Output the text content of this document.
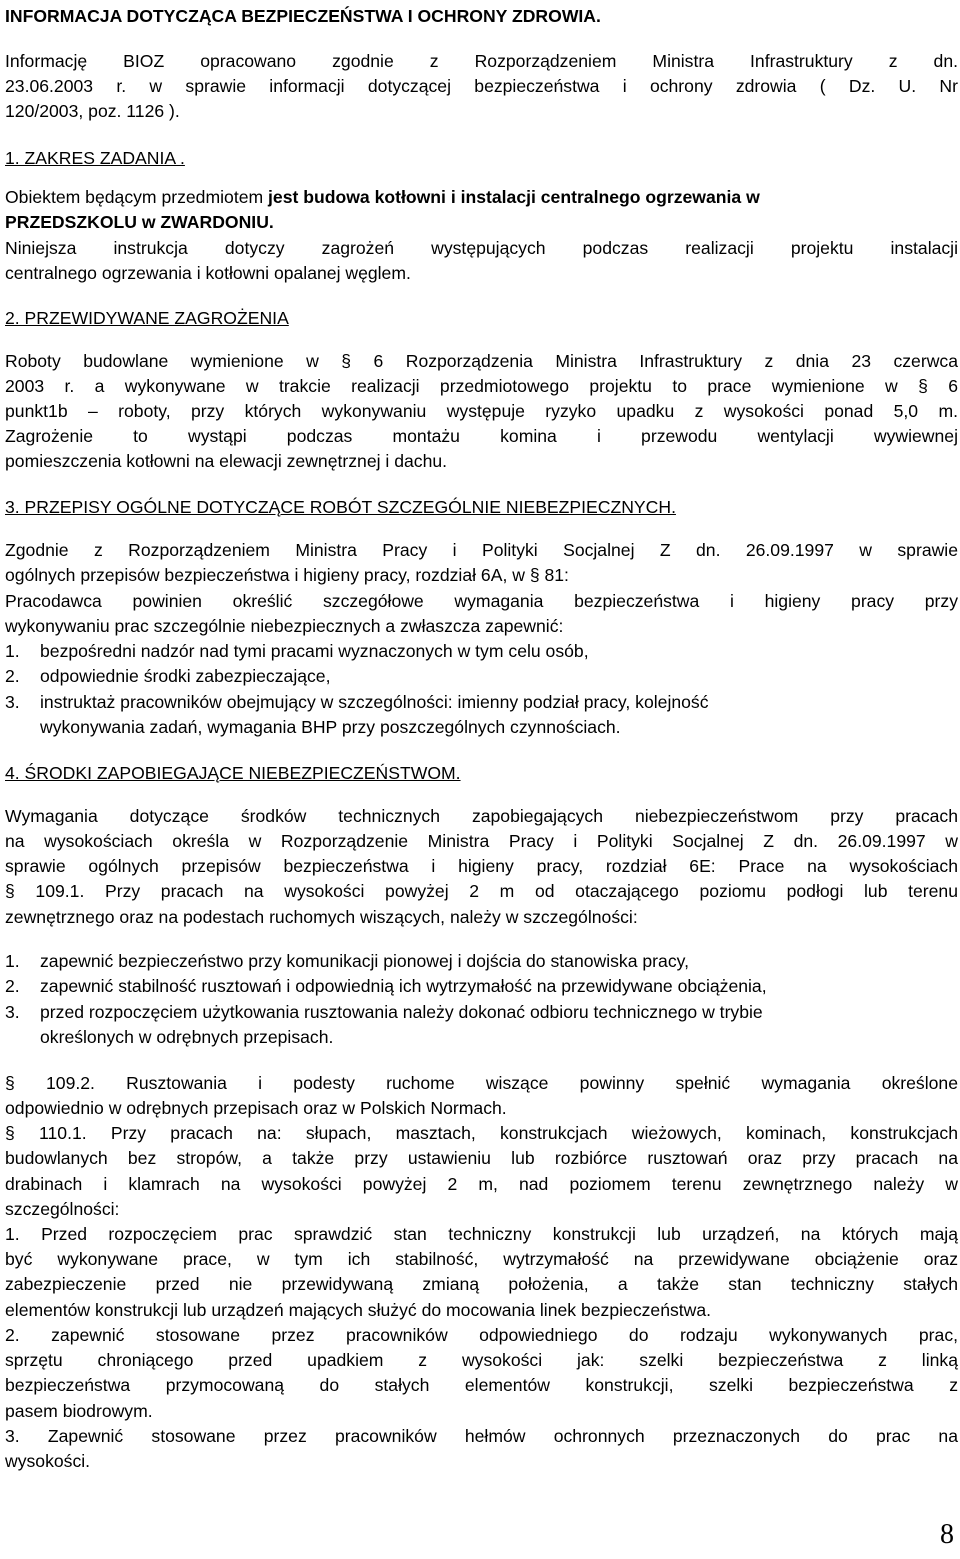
INFORMACJA DOTYCZĄCA BEZPIECZEŃSTWA I OCHRONY ZDROWIA.
Informację BIOZ opracowano zgodnie z Rozporządzeniem Ministra Infrastruktury z dn.
23.06.2003 r. w sprawie informacji dotyczącej bezpieczeństwa i ochrony zdrowia ( Dz. U. Nr
120/2003, poz. 1126 ).
1. ZAKRES ZADANIA .
Obiektem będącym przedmiotem jest budowa kotłowni i instalacji centralnego ogrzewania w
PRZEDSZKOLU w ZWARDONIU.
Niniejsza instrukcja dotyczy zagrożeń występujących podczas realizacji projektu instalacji
centralnego ogrzewania i kotłowni opalanej węglem.
2. PRZEWIDYWANE ZAGROŻENIA
Roboty budowlane wymienione w § 6 Rozporządzenia Ministra Infrastruktury z dnia 23 czerwca
2003 r. a wykonywane w trakcie realizacji przedmiotowego projektu to prace wymienione w § 6
punkt1b – roboty, przy których wykonywaniu występuje ryzyko upadku z wysokości ponad 5,0 m.
Zagrożenie to wystąpi podczas montażu komina i przewodu wentylacji wywiewnej
pomieszczenia kotłowni na elewacji zewnętrznej i dachu.
3. PRZEPISY OGÓLNE DOTYCZĄCE ROBÓT SZCZEGÓLNIE NIEBEZPIECZNYCH.
Zgodnie z Rozporządzeniem Ministra Pracy i Polityki Socjalnej Z dn. 26.09.1997 w sprawie
ogólnych przepisów bezpieczeństwa i higieny pracy, rozdział 6A, w § 81:
Pracodawca powinien określić szczegółowe wymagania bezpieczeństwa i higieny pracy przy
wykonywaniu prac szczególnie niebezpiecznych a zwłaszcza zapewnić:
1. bezpośredni nadzór nad tymi pracami wyznaczonych w tym celu osób,
2. odpowiednie środki zabezpieczające,
3. instruktaż pracowników obejmujący w szczególności: imienny podział pracy, kolejność
wykonywania zadań, wymagania BHP przy poszczególnych czynnościach.
4. ŚRODKI ZAPOBIEGAJĄCE NIEBEZPIECZEŃSTWOM.
Wymagania dotyczące środków technicznych zapobiegających niebezpieczeństwom przy pracach
na wysokościach określa w Rozporządzenie Ministra Pracy i Polityki Socjalnej Z dn. 26.09.1997 w
sprawie ogólnych przepisów bezpieczeństwa i higieny pracy, rozdział 6E: Prace na wysokościach
§ 109.1. Przy pracach na wysokości powyżej 2 m od otaczającego poziomu podłogi lub terenu
zewnętrznego oraz na podestach ruchomych wiszących, należy w szczególności:
1. zapewnić bezpieczeństwo przy komunikacji pionowej i dojścia do stanowiska pracy,
2. zapewnić stabilność rusztowań i odpowiednią ich wytrzymałość na przewidywane obciążenia,
3. przed rozpoczęciem użytkowania rusztowania należy dokonać odbioru technicznego w trybie
określonych w odrębnych przepisach.
§ 109.2. Rusztowania i podesty ruchome wiszące powinny spełnić wymagania określone
odpowiednio w odrębnych przepisach oraz w Polskich Normach.
§ 110.1. Przy pracach na: słupach, masztach, konstrukcjach wieżowych, kominach, konstrukcjach
budowlanych bez stropów, a także przy ustawieniu lub rozbiórce rusztowań oraz przy pracach na
drabinach i klamrach na wysokości powyżej 2 m, nad poziomem terenu zewnętrznego należy w
szczególności:
1. Przed rozpoczęciem prac sprawdzić stan techniczny konstrukcji lub urządzeń, na których mają
być wykonywane prace, w tym ich stabilność, wytrzymałość na przewidywane obciążenie oraz
zabezpieczenie przed nie przewidywaną zmianą położenia, a także stan techniczny stałych
elementów konstrukcji lub urządzeń mających służyć do mocowania linek bezpieczeństwa.
2. zapewnić stosowane przez pracowników odpowiedniego do rodzaju wykonywanych prac,
sprzętu chroniącego przed upadkiem z wysokości jak: szelki bezpieczeństwa z linką
bezpieczeństwa przymocowaną do stałych elementów konstrukcji, szelki bezpieczeństwa z
pasem biodrowym.
3. Zapewnić stosowane przez pracowników hełmów ochronnych przeznaczonych do prac na
wysokości.
8
